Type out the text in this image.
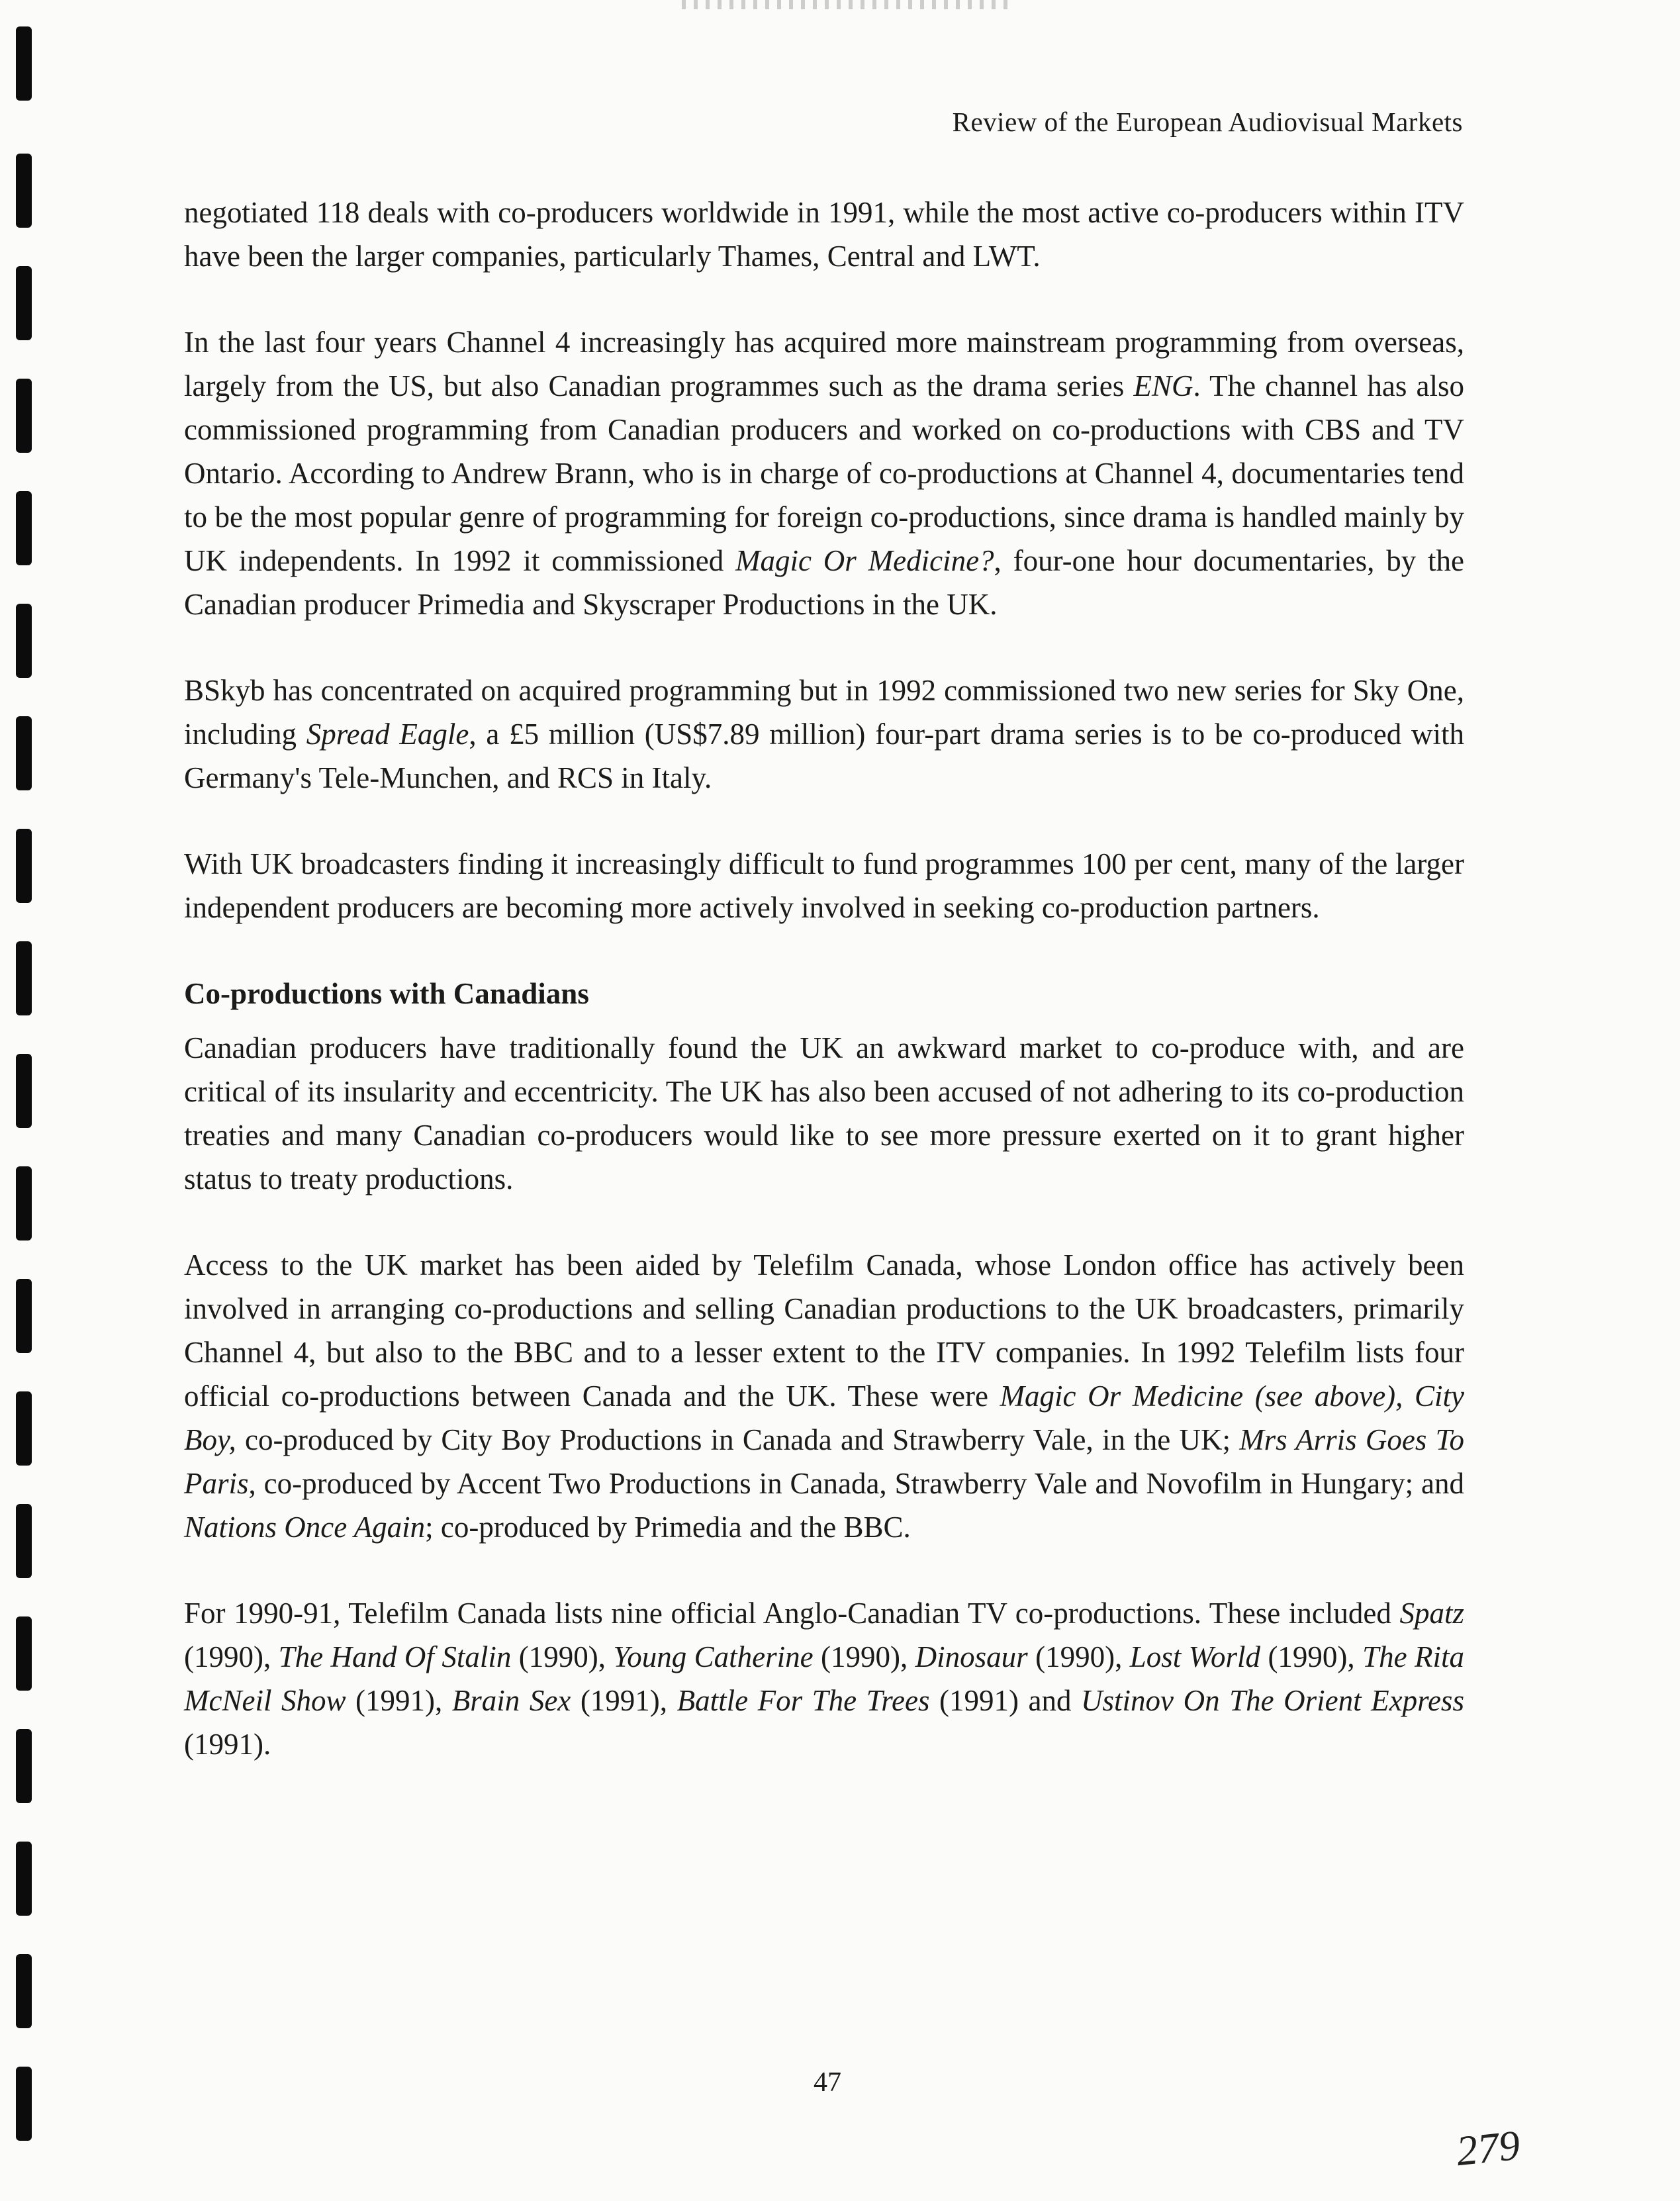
Review of the European Audiovisual Markets

negotiated 118 deals with co-producers worldwide in 1991, while the most active co-producers within ITV have been the larger companies, particularly Thames, Central and LWT.

In the last four years Channel 4 increasingly has acquired more mainstream programming from overseas, largely from the US, but also Canadian programmes such as the drama series ENG. The channel has also commissioned programming from Canadian producers and worked on co-productions with CBS and TV Ontario. According to Andrew Brann, who is in charge of co-productions at Channel 4, documentaries tend to be the most popular genre of programming for foreign co-productions, since drama is handled mainly by UK independents. In 1992 it commissioned Magic Or Medicine?, four-one hour documentaries, by the Canadian producer Primedia and Skyscraper Productions in the UK.

BSkyb has concentrated on acquired programming but in 1992 commissioned two new series for Sky One, including Spread Eagle, a £5 million (US$7.89 million) four-part drama series is to be co-produced with Germany's Tele-Munchen, and RCS in Italy.

With UK broadcasters finding it increasingly difficult to fund programmes 100 per cent, many of the larger independent producers are becoming more actively involved in seeking co-production partners.

Co-productions with Canadians

Canadian producers have traditionally found the UK an awkward market to co-produce with, and are critical of its insularity and eccentricity. The UK has also been accused of not adhering to its co-production treaties and many Canadian co-producers would like to see more pressure exerted on it to grant higher status to treaty productions.

Access to the UK market has been aided by Telefilm Canada, whose London office has actively been involved in arranging co-productions and selling Canadian productions to the UK broadcasters, primarily Channel 4, but also to the BBC and to a lesser extent to the ITV companies. In 1992 Telefilm lists four official co-productions between Canada and the UK. These were Magic Or Medicine (see above), City Boy, co-produced by City Boy Productions in Canada and Strawberry Vale, in the UK; Mrs Arris Goes To Paris, co-produced by Accent Two Productions in Canada, Strawberry Vale and Novofilm in Hungary; and Nations Once Again; co-produced by Primedia and the BBC.

For 1990-91, Telefilm Canada lists nine official Anglo-Canadian TV co-productions. These included Spatz (1990), The Hand Of Stalin (1990), Young Catherine (1990), Dinosaur (1990), Lost World (1990), The Rita McNeil Show (1991), Brain Sex (1991), Battle For The Trees (1991) and Ustinov On The Orient Express (1991).

47
279
